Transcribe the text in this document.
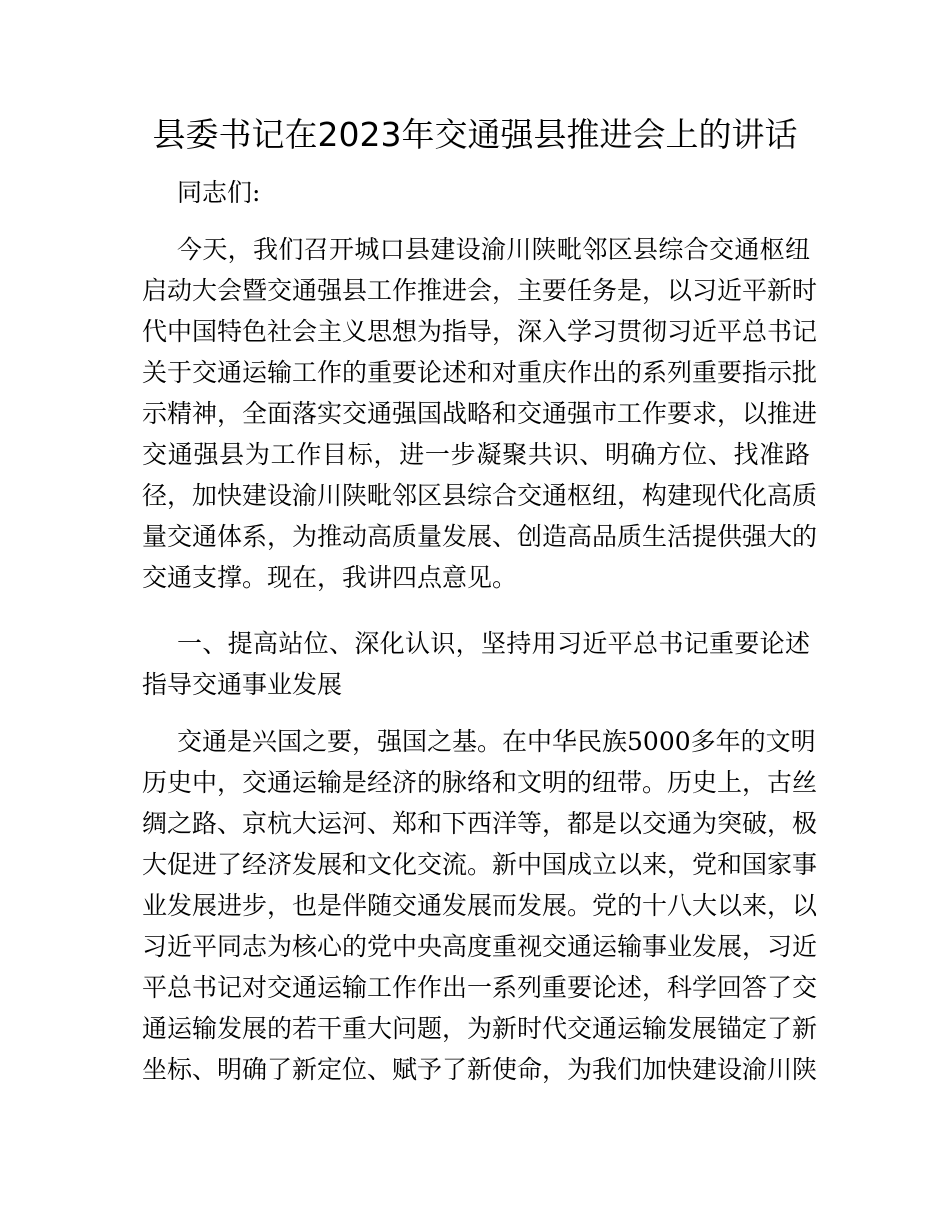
县委书记在2023年交通强县推进会上的讲话

同志们:

今天，我们召开城口县建设渝川陕毗邻区县综合交通枢纽
启动大会暨交通强县工作推进会，主要任务是，以习近平新时
代中国特色社会主义思想为指导，深入学习贯彻习近平总书记
关于交通运输工作的重要论述和对重庆作出的系列重要指示批
示精神，全面落实交通强国战略和交通强市工作要求，以推进
交通强县为工作目标，进一步凝聚共识、明确方位、找准路
径，加快建设渝川陕毗邻区县综合交通枢纽，构建现代化高质
量交通体系，为推动高质量发展、创造高品质生活提供强大的
交通支撑。现在，我讲四点意见。
一、提高站位、深化认识，坚持用习近平总书记重要论述
指导交通事业发展
交通是兴国之要，强国之基。在中华民族5000多年的文明
历史中，交通运输是经济的脉络和文明的纽带。历史上，古丝
绸之路、京杭大运河、郑和下西洋等，都是以交通为突破，极
大促进了经济发展和文化交流。新中国成立以来，党和国家事
业发展进步，也是伴随交通发展而发展。党的十八大以来，以
习近平同志为核心的党中央高度重视交通运输事业发展，习近
平总书记对交通运输工作作出一系列重要论述，科学回答了交
通运输发展的若干重大问题，为新时代交通运输发展锚定了新
坐标、明确了新定位、赋予了新使命，为我们加快建设渝川陕
